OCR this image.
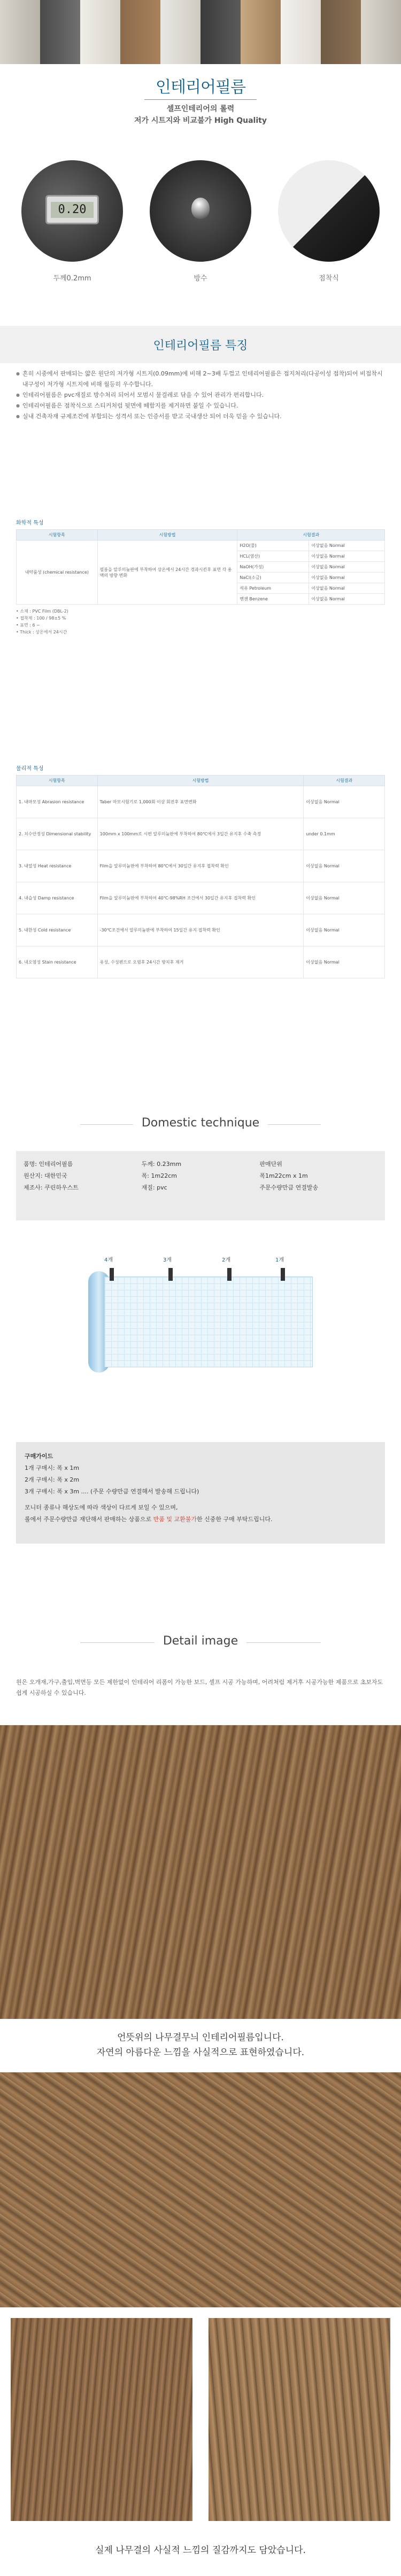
인테리어필름
셀프인테리어의 롤력
저가 시트지와 비교불가 High Quality
0.20
두께0.2mm	방수	점착식
인테리어필름 특징
● 흔히 시중에서 판매되는 얇은 원단의 저가형 시트지(0.09mm)에 비해 2~3배 두껍고 인테리어필름은 접지처리(다공이성 접착)되어 비접착시 내구성이 저가형 시트지에 비해 월등히 우수합니다.
● 인테리어필름은 pvc재질로 방수처리 되어서 모범시 물걸레로 닦을 수 있어 관리가 편리합니다.
● 인테리어필름은 점착식으로 스티커처럼 뒷면에 떼함지를 제거하면 붙일 수 있습니다.
● 실내 건축자재 규제조건에 부합되는 성격서 또는 인증서를 받고 국내생산 되어 더욱 믿을 수 있습니다.
화학적 특성
시험항목	시험방법	시험결과	
내약품성 (chemical resistance)	필름을 알루미늄판에 부착하여 상온에서 24시간 경과시킨후 표면 각 용액의 방향 변화	H2O(물)	이상없음 Normal
		HCL(염산)	이상없음 Normal
		NaOH(가성)	이상없음 Normal
		NaCl(소금)	이상없음 Normal
		석유 Petroleum	이상없음 Normal
		벤젠 Benzene	이상없음 Normal
• 소재 : PVC Film (DBL-2)
• 접착제 : 100 / 98±5 %
• 표면 : 6 ~
• Thick : 상온에서 24시간
물리적 특성
시험항목	시험방법	시험결과
1. 내마모성 Abrasion resistance	Taber 마모시험기로 1,000회 이상 회전후 표면변화	이상없음 Normal
2. 치수안정성 Dimensional stability	100mm x 100mm로 시편 알루미늄판에 부착하여 80℃에서 3일간 유지후 수축 측정	under 0.1mm
3. 내열성 Heat resistance	Film을 알루미늄판에 부착하여 80℃에서 30일간 유지후 접착력 확인	이상없음 Normal
4. 내습성 Damp resistance	Film을 알루미늄판에 부착하여 40℃-98%RH 조건에서 30일간 유지후 접착력 확인	이상없음 Normal
5. 내한성 Cold resistance	-30℃조건에서 알루미늄판에 부착하여 15일간 유지 접착력 확인	이상없음 Normal
6. 내오염성 Stain resistance	유성, 수성펜으로 오염후 24시간 방치후 제거	이상없음 Normal
Domestic technique
품명: 인테리어필름
원산지: 대한민국
제조사: 쿠린하우스트
두께: 0.23mm
폭: 1m22cm
재질: pvc
판매단위
폭1m22cm x 1m
주문수량만큼 연결발송
4개	3개	2개	1개
구매가이드
1개 구매시: 폭 x 1m
2개 구매시: 폭 x 2m
3개 구매시: 폭 x 3m .... (주문 수량만큼 연결해서 발송해 드립니다)
모니터 종류나 해상도에 따라 색상이 다르게 보일 수 있으며,
롤에서 주문수량만큼 재단해서 판매하는 상품으로 반품 및 교환불가한 신중한 구매 부탁드립니다.
Detail image
원은 오개재,가구,출입,벽면등 모든 제한없이 인테리어 리폼이 가능한 보드, 셀프 시공 가능하며, 어려처럼 제거후 시공가능한 제품으로 초보자도 쉽게 시공하실 수 있습니다.
언뜻위의 나무결무늬 인테리어필름입니다.
자연의 아름다운 느낌을 사실적으로 표현하였습니다.
실제 나무결의 사실적 느낌의 질감까지도 담았습니다.
